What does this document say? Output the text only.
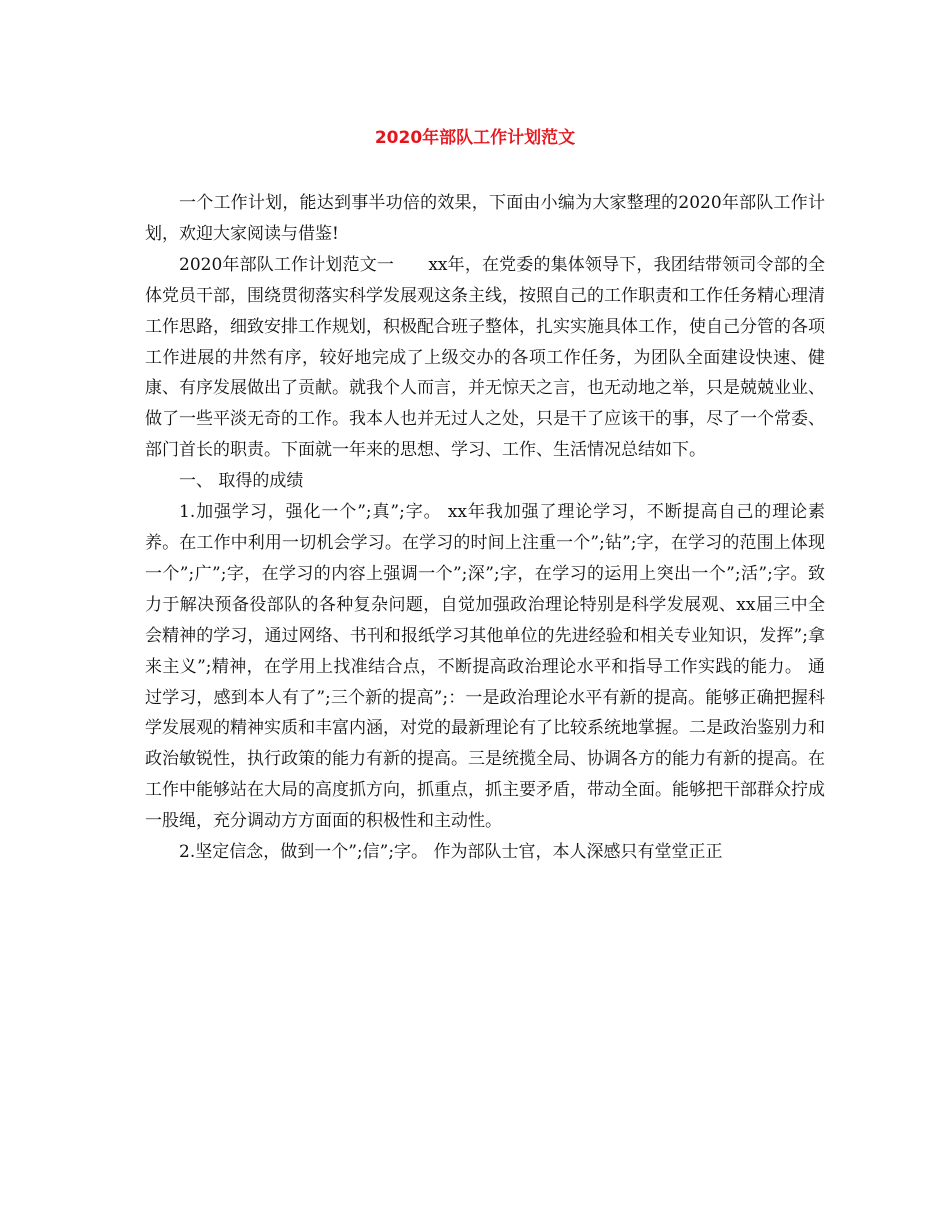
2020年部队工作计划范文

一个工作计划，能达到事半功倍的效果，下面由小编为大家整理的2020年部队工作计划，欢迎大家阅读与借鉴!

2020年部队工作计划范文一　　xx年，在党委的集体领导下，我团结带领司令部的全体党员干部，围绕贯彻落实科学发展观这条主线，按照自己的工作职责和工作任务精心理清工作思路，细致安排工作规划，积极配合班子整体，扎实实施具体工作，使自己分管的各项工作进展的井然有序，较好地完成了上级交办的各项工作任务，为团队全面建设快速、健康、有序发展做出了贡献。就我个人而言，并无惊天之言，也无动地之举，只是兢兢业业、做了一些平淡无奇的工作。我本人也并无过人之处，只是干了应该干的事，尽了一个常委、部门首长的职责。下面就一年来的思想、学习、工作、生活情况总结如下。

一、 取得的成绩

1.加强学习，强化一个”;真”;字。 xx年我加强了理论学习，不断提高自己的理论素养。在工作中利用一切机会学习。在学习的时间上注重一个”;钻”;字，在学习的范围上体现一个”;广”;字，在学习的内容上强调一个”;深”;字，在学习的运用上突出一个”;活”;字。致力于解决预备役部队的各种复杂问题，自觉加强政治理论特别是科学发展观、xx届三中全会精神的学习，通过网络、书刊和报纸学习其他单位的先进经验和相关专业知识，发挥”;拿来主义”;精神，在学用上找准结合点，不断提高政治理论水平和指导工作实践的能力。 通过学习，感到本人有了”;三个新的提高”;：一是政治理论水平有新的提高。能够正确把握科学发展观的精神实质和丰富内涵，对党的最新理论有了比较系统地掌握。二是政治鉴别力和政治敏锐性，执行政策的能力有新的提高。三是统揽全局、协调各方的能力有新的提高。在工作中能够站在大局的高度抓方向，抓重点，抓主要矛盾，带动全面。能够把干部群众拧成一股绳，充分调动方方面面的积极性和主动性。

2.坚定信念，做到一个”;信”;字。 作为部队士官，本人深感只有堂堂正正
